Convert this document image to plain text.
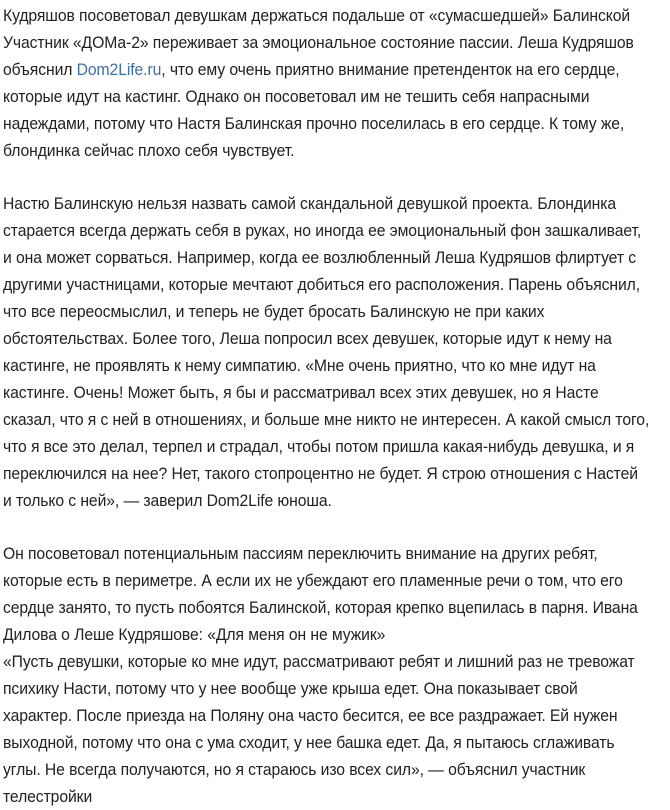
Кудряшов посоветовал девушкам держаться подальше от «сумасшедшей» Балинской

Участник «ДОМа-2» переживает за эмоциональное состояние пассии. Леша Кудряшов объяснил Dom2Life.ru, что ему очень приятно внимание претенденток на его сердце, которые идут на кастинг. Однако он посоветовал им не тешить себя напрасными надеждами, потому что Настя Балинская прочно поселилась в его сердце. К тому же, блондинка сейчас плохо себя чувствует.

Настю Балинскую нельзя назвать самой скандальной девушкой проекта. Блондинка старается всегда держать себя в руках, но иногда ее эмоциональный фон зашкаливает, и она может сорваться. Например, когда ее возлюбленный Леша Кудряшов флиртует с другими участницами, которые мечтают добиться его расположения. Парень объяснил, что все переосмыслил, и теперь не будет бросать Балинскую не при каких обстоятельствах. Более того, Леша попросил всех девушек, которые идут к нему на кастинге, не проявлять к нему симпатию. «Мне очень приятно, что ко мне идут на кастинге. Очень! Может быть, я бы и рассматривал всех этих девушек, но я Насте сказал, что я с ней в отношениях, и больше мне никто не интересен. А какой смысл того, что я все это делал, терпел и страдал, чтобы потом пришла какая-нибудь девушка, и я переключился на нее? Нет, такого стопроцентно не будет. Я строю отношения с Настей и только с ней», — заверил Dom2Life юноша.

Он посоветовал потенциальным пассиям переключить внимание на других ребят, которые есть в периметре. А если их не убеждают его пламенные речи о том, что его сердце занято, то пусть побоятся Балинской, которая крепко вцепилась в парня. Ивана Дилова о Леше Кудряшове: «Для меня он не мужик»

«Пусть девушки, которые ко мне идут, рассматривают ребят и лишний раз не тревожат психику Насти, потому что у нее вообще уже крыша едет. Она показывает свой характер. После приезда на Поляну она часто бесится, ее все раздражает. Ей нужен выходной, потому что она с ума сходит, у нее башка едет. Да, я пытаюсь сглаживать углы. Не всегда получаются, но я стараюсь изо всех сил», — объяснил участник телестройки
